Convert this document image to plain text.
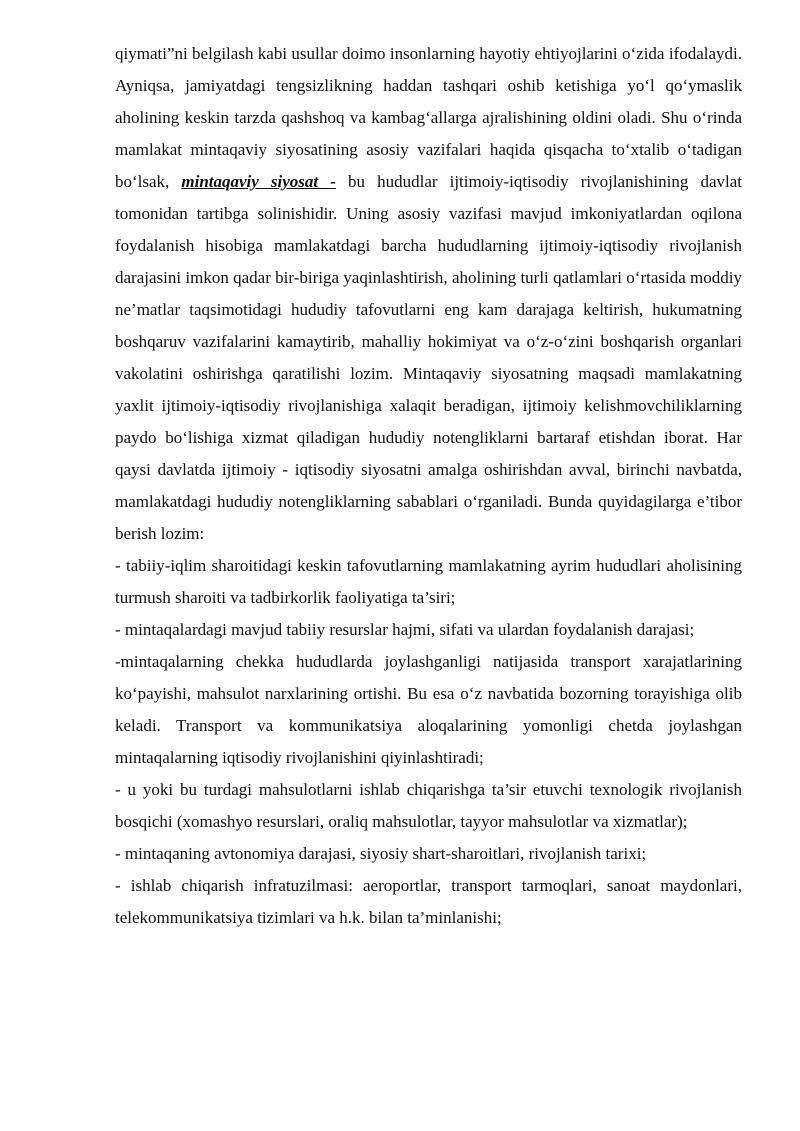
qiymati”ni belgilash kabi usullar doimo insonlarning hayotiy ehtiyojlarini o‘zida ifodalaydi. Ayniqsa, jamiyatdagi tengsizlikning haddan tashqari oshib ketishiga yo‘l qo‘ymaslik aholining keskin tarzda qashshoq va kambag‘allarga ajralishining oldini oladi. Shu o‘rinda mamlakat mintaqaviy siyosatining asosiy vazifalari haqida qisqacha to‘xtalib o‘tadigan bo‘lsak, mintaqaviy siyosat - bu hududlar ijtimoiy-iqtisodiy rivojlanishining davlat tomonidan tartibga solinishidir. Uning asosiy vazifasi mavjud imkoniyatlardan oqilona foydalanish hisobiga mamlakatdagi barcha hududlarning ijtimoiy-iqtisodiy rivojlanish darajasini imkon qadar bir-biriga yaqinlashtirish, aholining turli qatlamlari o‘rtasida moddiy ne’matlar taqsimotidagi hududiy tafovutlarni eng kam darajaga keltirish, hukumatning boshqaruv vazifalarini kamaytirib, mahalliy hokimiyat va o‘z-o‘zini boshqarish organlari vakolatini oshirishga qaratilishi lozim. Mintaqaviy siyosatning maqsadi mamlakatning yaxlit ijtimoiy-iqtisodiy rivojlanishiga xalaqit beradigan, ijtimoiy kelishmovchiliklarning paydo bo‘lishiga xizmat qiladigan hududiy notengliklarni bartaraf etishdan iborat. Har qaysi davlatda ijtimoiy - iqtisodiy siyosatni amalga oshirishdan avval, birinchi navbatda, mamlakatdagi hududiy notengliklarning sabablari o‘rganiladi. Bunda quyidagilarga e’tibor berish lozim:

- tabiiy-iqlim sharoitidagi keskin tafovutlarning mamlakatning ayrim hududlari aholisining turmush sharoiti va tadbirkorlik faoliyatiga ta’siri;

- mintaqalardagi mavjud tabiiy resurslar hajmi, sifati va ulardan foydalanish darajasi;

-mintaqalarning chekka hududlarda joylashganligi natijasida transport xarajatlarining ko‘payishi, mahsulot narxlarining ortishi. Bu esa o‘z navbatida bozorning torayishiga olib keladi. Transport va kommunikatsiya aloqalarining yomonligi chetda joylashgan mintaqalarning iqtisodiy rivojlanishini qiyinlashtiradi;

- u yoki bu turdagi mahsulotlarni ishlab chiqarishga ta’sir etuvchi texnologik rivojlanish bosqichi (xomashyo resurslari, oraliq mahsulotlar, tayyor mahsulotlar va xizmatlar);

- mintaqaning avtonomiya darajasi, siyosiy shart-sharoitlari, rivojlanish tarixi;

- ishlab chiqarish infratuzilmasi: aeroportlar, transport tarmoqlari, sanoat maydonlari, telekommunikatsiya tizimlari va h.k. bilan ta’minlanishi;
